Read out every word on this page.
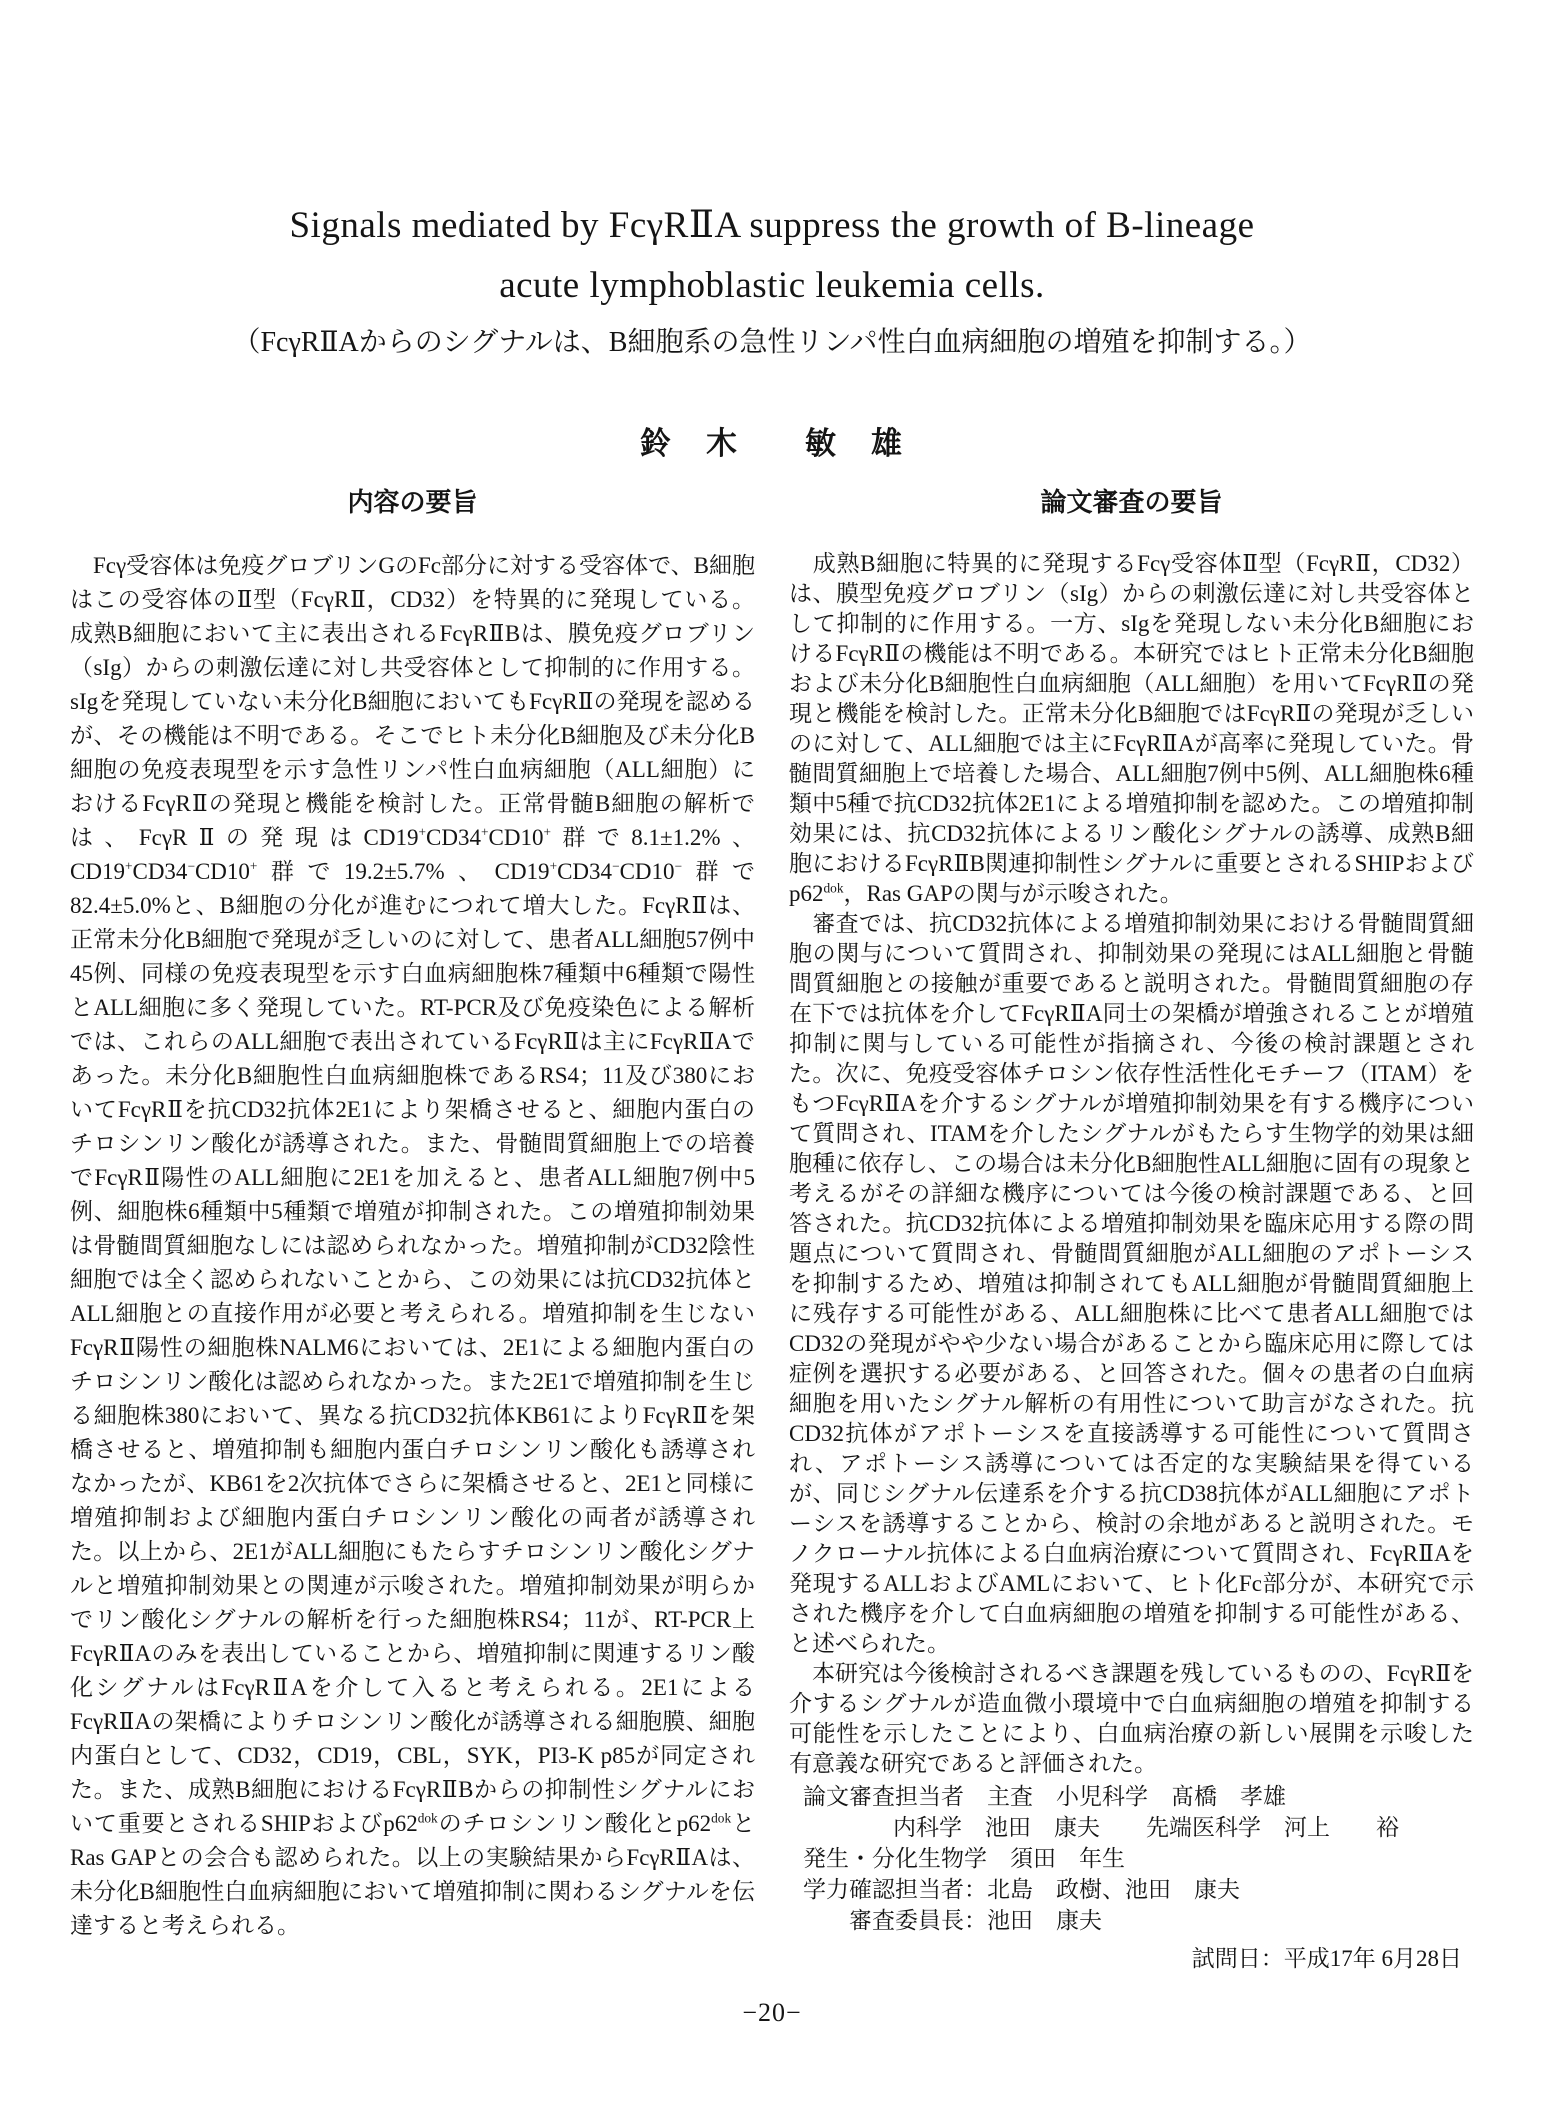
Signals mediated by FcγRⅡA suppress the growth of B-lineage
acute lymphoblastic leukemia cells.
（FcγRⅡAからのシグナルは、B細胞系の急性リンパ性白血病細胞の増殖を抑制する。）
鈴　木　　敏　雄
内容の要旨

　Fcγ受容体は免疫グロブリンGのFc部分に対する受容体で、B細胞はこの受容体のⅡ型（FcγRⅡ，CD32）を特異的に発現している。成熟B細胞において主に表出されるFcγRⅡBは、膜免疫グロブリン（sIg）からの刺激伝達に対し共受容体として抑制的に作用する。sIgを発現していない未分化B細胞においてもFcγRⅡの発現を認めるが、その機能は不明である。そこでヒト未分化B細胞及び未分化B細胞の免疫表現型を示す急性リンパ性白血病細胞（ALL細胞）におけるFcγRⅡの発現と機能を検討した。正常骨髄B細胞の解析では、FcγRⅡの発現はCD19+CD34+CD10+群で8.1±1.2%、CD19+CD34−CD10+群で19.2±5.7%、CD19+CD34−CD10−群で82.4±5.0%と、B細胞の分化が進むにつれて増大した。FcγRⅡは、正常未分化B細胞で発現が乏しいのに対して、患者ALL細胞57例中45例、同様の免疫表現型を示す白血病細胞株7種類中6種類で陽性とALL細胞に多く発現していた。RT-PCR及び免疫染色による解析では、これらのALL細胞で表出されているFcγRⅡは主にFcγRⅡAであった。未分化B細胞性白血病細胞株であるRS4；11及び380においてFcγRⅡを抗CD32抗体2E1により架橋させると、細胞内蛋白のチロシンリン酸化が誘導された。また、骨髄間質細胞上での培養でFcγRⅡ陽性のALL細胞に2E1を加えると、患者ALL細胞7例中5例、細胞株6種類中5種類で増殖が抑制された。この増殖抑制効果は骨髄間質細胞なしには認められなかった。増殖抑制がCD32陰性細胞では全く認められないことから、この効果には抗CD32抗体とALL細胞との直接作用が必要と考えられる。増殖抑制を生じないFcγRⅡ陽性の細胞株NALM6においては、2E1による細胞内蛋白のチロシンリン酸化は認められなかった。また2E1で増殖抑制を生じる細胞株380において、異なる抗CD32抗体KB61によりFcγRⅡを架橋させると、増殖抑制も細胞内蛋白チロシンリン酸化も誘導されなかったが、KB61を2次抗体でさらに架橋させると、2E1と同様に増殖抑制および細胞内蛋白チロシンリン酸化の両者が誘導された。以上から、2E1がALL細胞にもたらすチロシンリン酸化シグナルと増殖抑制効果との関連が示唆された。増殖抑制効果が明らかでリン酸化シグナルの解析を行った細胞株RS4；11が、RT-PCR上FcγRⅡAのみを表出していることから、増殖抑制に関連するリン酸化シグナルはFcγRⅡAを介して入ると考えられる。2E1によるFcγRⅡAの架橋によりチロシンリン酸化が誘導される細胞膜、細胞内蛋白として、CD32，CD19，CBL，SYK，PI3-K p85が同定された。また、成熟B細胞におけるFcγRⅡBからの抑制性シグナルにおいて重要とされるSHIPおよび$p62^{dok}$のチロシンリン酸化と$p62^{dok}$とRas GAPとの会合も認められた。以上の実験結果からFcγRⅡAは、未分化B細胞性白血病細胞において増殖抑制に関わるシグナルを伝達すると考えられる。

論文審査の要旨

　成熟B細胞に特異的に発現するFcγ受容体Ⅱ型（FcγRⅡ，CD32）は、膜型免疫グロブリン（sIg）からの刺激伝達に対し共受容体として抑制的に作用する。一方、sIgを発現しない未分化B細胞におけるFcγRⅡの機能は不明である。本研究ではヒト正常未分化B細胞および未分化B細胞性白血病細胞（ALL細胞）を用いてFcγRⅡの発現と機能を検討した。正常未分化B細胞ではFcγRⅡの発現が乏しいのに対して、ALL細胞では主にFcγRⅡAが高率に発現していた。骨髄間質細胞上で培養した場合、ALL細胞7例中5例、ALL細胞株6種類中5種で抗CD32抗体2E1による増殖抑制を認めた。この増殖抑制効果には、抗CD32抗体によるリン酸化シグナルの誘導、成熟B細胞におけるFcγRⅡB関連抑制性シグナルに重要とされるSHIPおよび$p62^{dok}$，Ras GAPの関与が示唆された。

　審査では、抗CD32抗体による増殖抑制効果における骨髄間質細胞の関与について質問され、抑制効果の発現にはALL細胞と骨髄間質細胞との接触が重要であると説明された。骨髄間質細胞の存在下では抗体を介してFcγRⅡA同士の架橋が増強されることが増殖抑制に関与している可能性が指摘され、今後の検討課題とされた。次に、免疫受容体チロシン依存性活性化モチーフ（ITAM）をもつFcγRⅡAを介するシグナルが増殖抑制効果を有する機序について質問され、ITAMを介したシグナルがもたらす生物学的効果は細胞種に依存し、この場合は未分化B細胞性ALL細胞に固有の現象と考えるがその詳細な機序については今後の検討課題である、と回答された。抗CD32抗体による増殖抑制効果を臨床応用する際の問題点について質問され、骨髄間質細胞がALL細胞のアポトーシスを抑制するため、増殖は抑制されてもALL細胞が骨髄間質細胞上に残存する可能性がある、ALL細胞株に比べて患者ALL細胞ではCD32の発現がやや少ない場合があることから臨床応用に際しては症例を選択する必要がある、と回答された。個々の患者の白血病細胞を用いたシグナル解析の有用性について助言がなされた。抗CD32抗体がアポトーシスを直接誘導する可能性について質問され、アポトーシス誘導については否定的な実験結果を得ているが、同じシグナル伝達系を介する抗CD38抗体がALL細胞にアポトーシスを誘導することから、検討の余地があると説明された。モノクローナル抗体による白血病治療について質問され、FcγRⅡAを発現するALLおよびAMLにおいて、ヒト化Fc部分が、本研究で示された機序を介して白血病細胞の増殖を抑制する可能性がある、と述べられた。

　本研究は今後検討されるべき課題を残しているものの、FcγRⅡを介するシグナルが造血微小環境中で白血病細胞の増殖を抑制する可能性を示したことにより、白血病治療の新しい展開を示唆した有意義な研究であると評価された。

論文審査担当者　主査　小児科学　髙橋　孝雄
内科学　池田　康夫　　先端医科学　河上　　裕
発生・分化生物学　須田　年生
学力確認担当者：北島　政樹、池田　康夫
審査委員長：池田　康夫
試問日：平成17年 6月28日
−20−
